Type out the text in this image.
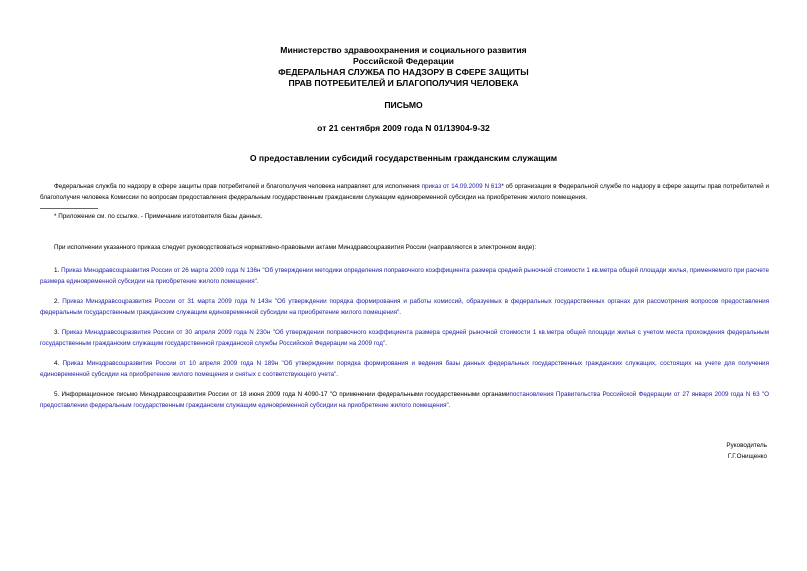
Министерство здравоохранения и социального развития
Российской Федерации
ФЕДЕРАЛЬНАЯ СЛУЖБА ПО НАДЗОРУ В СФЕРЕ ЗАЩИТЫ
ПРАВ ПОТРЕБИТЕЛЕЙ И БЛАГОПОЛУЧИЯ ЧЕЛОВЕКА
ПИСЬМО
от 21 сентября 2009 года N 01/13904-9-32
О предоставлении субсидий государственным гражданским служащим
Федеральная служба по надзору в сфере защиты прав потребителей и благополучия человека направляет для исполнения приказ от 14.09.2009 N 613* об организации в Федеральной службе по надзору в сфере защиты прав потребителей и благополучия человека Комиссии по вопросам предоставления федеральным государственным гражданским служащим единовременной субсидии на приобретение жилого помещения.
* Приложение см. по ссылке. - Примечание изготовителя базы данных.
При исполнении указанного приказа следует руководствоваться нормативно-правовыми актами Минздравсоцразвития России (направляются в электронном виде):
1. Приказ Минздравсоцразвития России от 26 марта 2009 года N 136н "Об утверждении методики определения поправочного коэффициента размера средней рыночной стоимости 1 кв.метра общей площади жилья, применяемого при расчете размера единовременной субсидии на приобретение жилого помещения".
2. Приказ Минздравсоцразвития России от 31 марта 2009 года N 143н "Об утверждении порядка формирования и работы комиссий, образуемых в федеральных государственных органах для рассмотрения вопросов предоставления федеральным государственным гражданским служащим единовременной субсидии на приобретение жилого помещения".
3. Приказ Минздравсоцразвития России от 30 апреля 2009 года N 230н "Об утверждении поправочного коэффициента размера средней рыночной стоимости 1 кв.метра общей площади жилья с учетом места прохождения федеральным государственным гражданским служащим государственной гражданской службы Российской Федерации на 2009 год".
4. Приказ Минздравсоцразвития России от 10 апреля 2009 года N 189н "Об утверждении порядка формирования и ведения базы данных федеральных государственных гражданских служащих, состоящих на учете для получения единовременной субсидии на приобретение жилого помещения и снятых с соответствующего учета".
5. Информационное письмо Минздравсоцразвития России от 18 июня 2009 года N 4090-17 "О применении федеральными государственными органамипостановления Правительства Российской Федерации от 27 января 2009 года N 63 "О предоставлении федеральным государственным гражданским служащим единовременной субсидии на приобретение жилого помещения".
Руководитель
Г.Г.Онищенко
